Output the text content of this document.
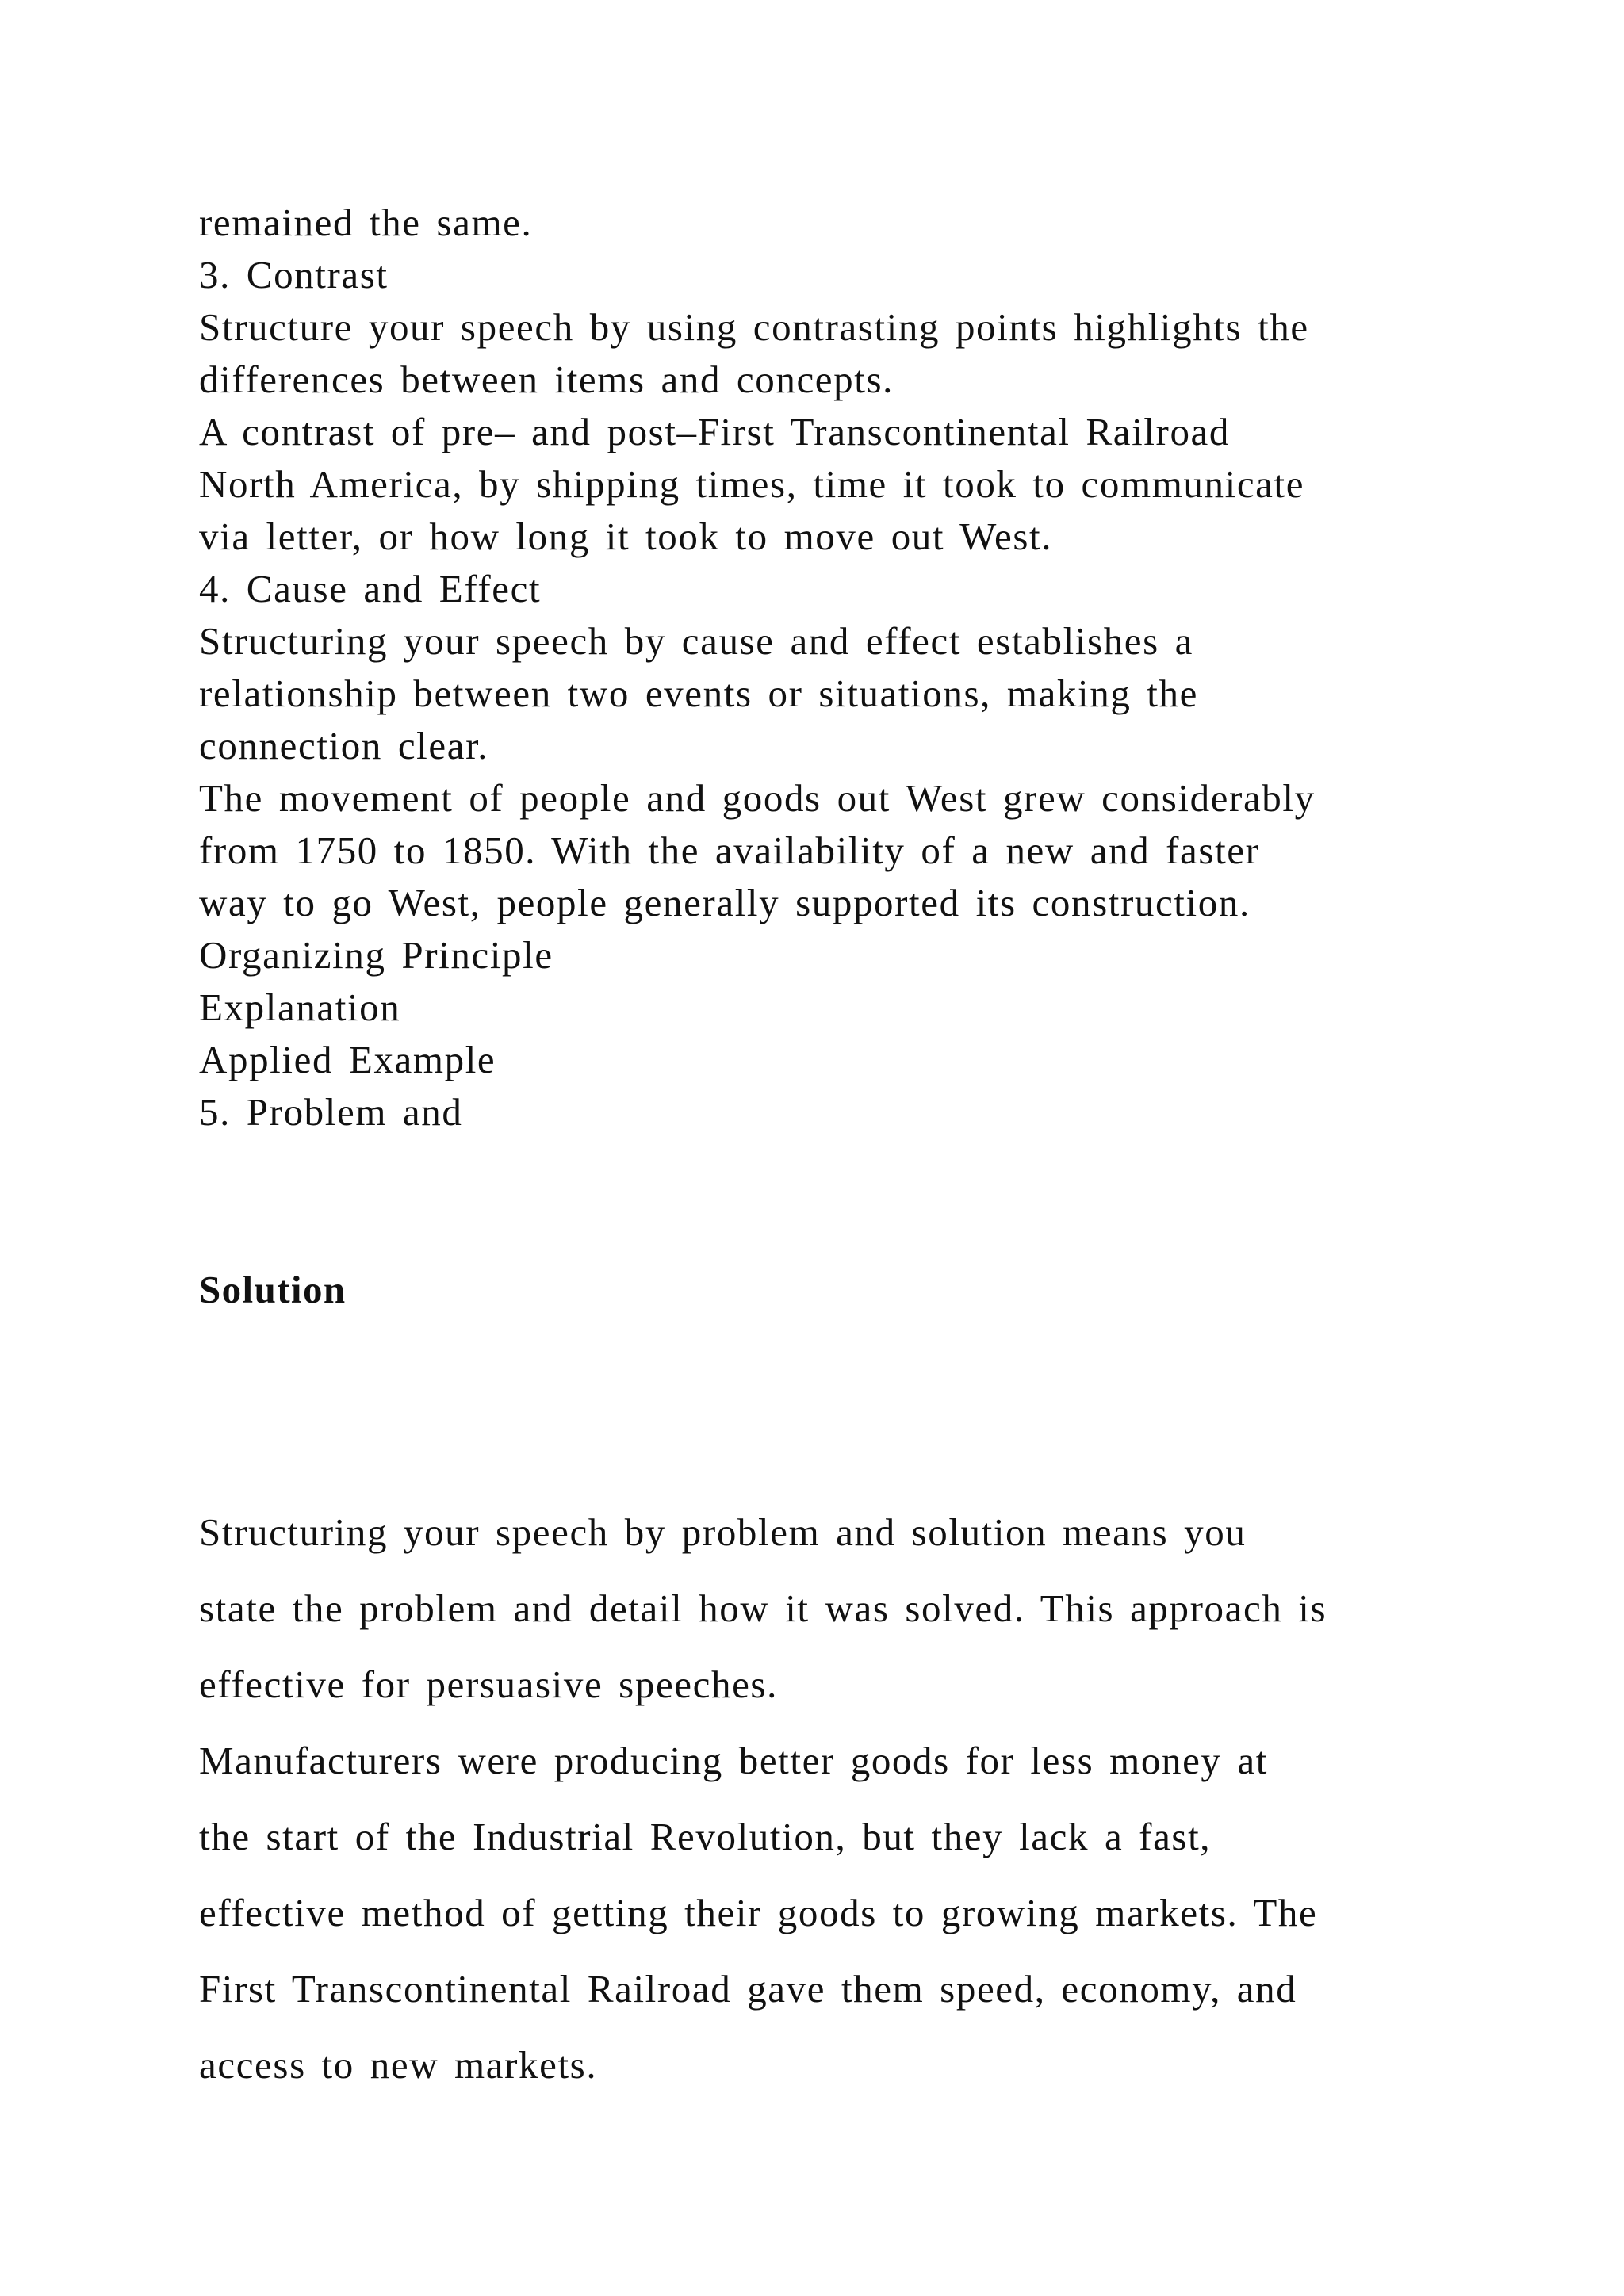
remained the same.

3. Contrast

Structure your speech by using contrasting points highlights the

differences between items and concepts.

A contrast of pre– and post–First Transcontinental Railroad

North America, by shipping times, time it took to communicate

via letter, or how long it took to move out West.

4. Cause and Effect

Structuring your speech by cause and effect establishes a

relationship between two events or situations, making the

connection clear.

The movement of people and goods out West grew considerably

from 1750 to 1850. With the availability of a new and faster

way to go West, people generally supported its construction.

Organizing Principle

Explanation

Applied Example

5. Problem and

Solution

Structuring your speech by problem and solution means you

state the problem and detail how it was solved. This approach is

effective for persuasive speeches.

Manufacturers were producing better goods for less money at

the start of the Industrial Revolution, but they lack a fast,

effective method of getting their goods to growing markets. The

First Transcontinental Railroad gave them speed, economy, and

access to new markets.
